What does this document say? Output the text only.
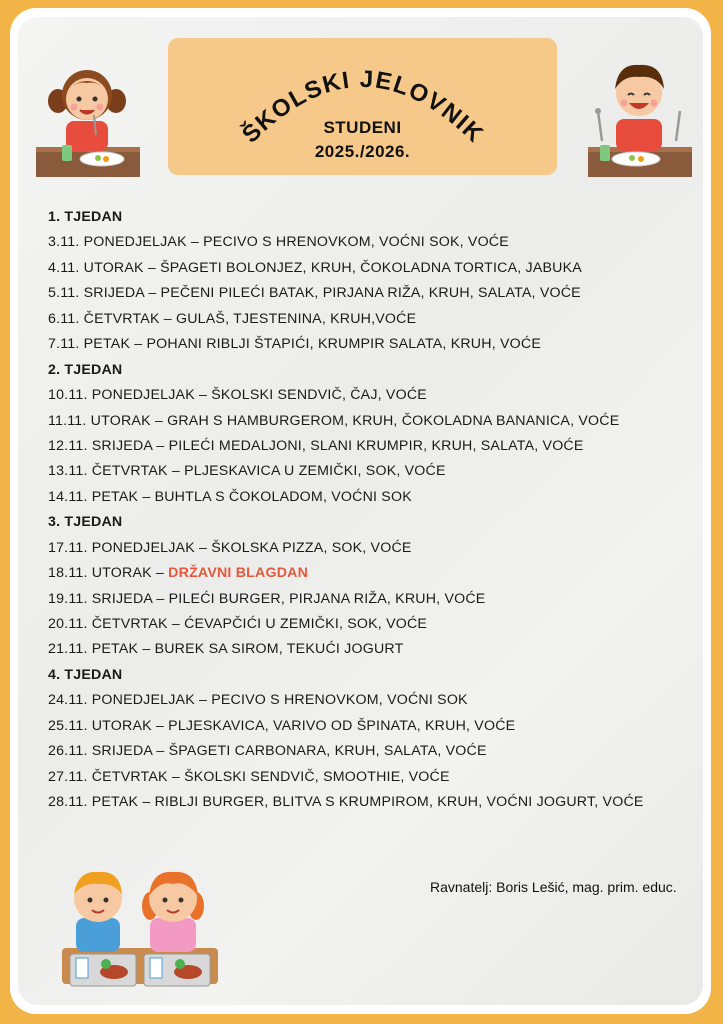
ŠKOLSKI JELOVNIK
STUDENI
2025./2026.
1. TJEDAN
3.11. PONEDJELJAK – PECIVO S HRENOVKOM, VOĆNI SOK, VOĆE
4.11. UTORAK – ŠPAGETI BOLONJEZ, KRUH, ČOKOLADNA TORTICA, JABUKA
5.11. SRIJEDA – PEČENI PILEĆI BATAK, PIRJANA RIŽA, KRUH, SALATA, VOĆE
6.11. ČETVRTAK – GULAŠ, TJESTENINA, KRUH,VOĆE
7.11. PETAK – POHANI RIBLJI ŠTAPIĆI, KRUMPIR SALATA, KRUH, VOĆE
2. TJEDAN
10.11. PONEDJELJAK – ŠKOLSKI SENDVIČ, ČAJ, VOĆE
11.11. UTORAK – GRAH S HAMBURGEROM, KRUH, ČOKOLADNA BANANICA, VOĆE
12.11. SRIJEDA – PILEĆI MEDALJONI, SLANI KRUMPIR, KRUH, SALATA, VOĆE
13.11. ČETVRTAK – PLJESKAVICA U ZEMIČKI, SOK, VOĆE
14.11. PETAK – BUHTLA S ČOKOLADOM, VOĆNI SOK
3. TJEDAN
17.11. PONEDJELJAK – ŠKOLSKA PIZZA, SOK, VOĆE
18.11. UTORAK – DRŽAVNI BLAGDAN
19.11. SRIJEDA – PILEĆI BURGER, PIRJANA RIŽA, KRUH, VOĆE
20.11. ČETVRTAK – ĆEVAPČIĆI U ZEMIČKI, SOK, VOĆE
21.11. PETAK – BUREK SA SIROM, TEKUĆI JOGURT
4. TJEDAN
24.11. PONEDJELJAK – PECIVO S HRENOVKOM, VOĆNI SOK
25.11. UTORAK – PLJESKAVICA, VARIVO OD ŠPINATA, KRUH, VOĆE
26.11. SRIJEDA – ŠPAGETI CARBONARA, KRUH, SALATA, VOĆE
27.11. ČETVRTAK – ŠKOLSKI SENDVIČ, SMOOTHIE, VOĆE
28.11. PETAK – RIBLJI BURGER, BLITVA S KRUMPIROM, KRUH, VOĆNI JOGURT, VOĆE
Ravnatelj: Boris Lešić, mag. prim. educ.
